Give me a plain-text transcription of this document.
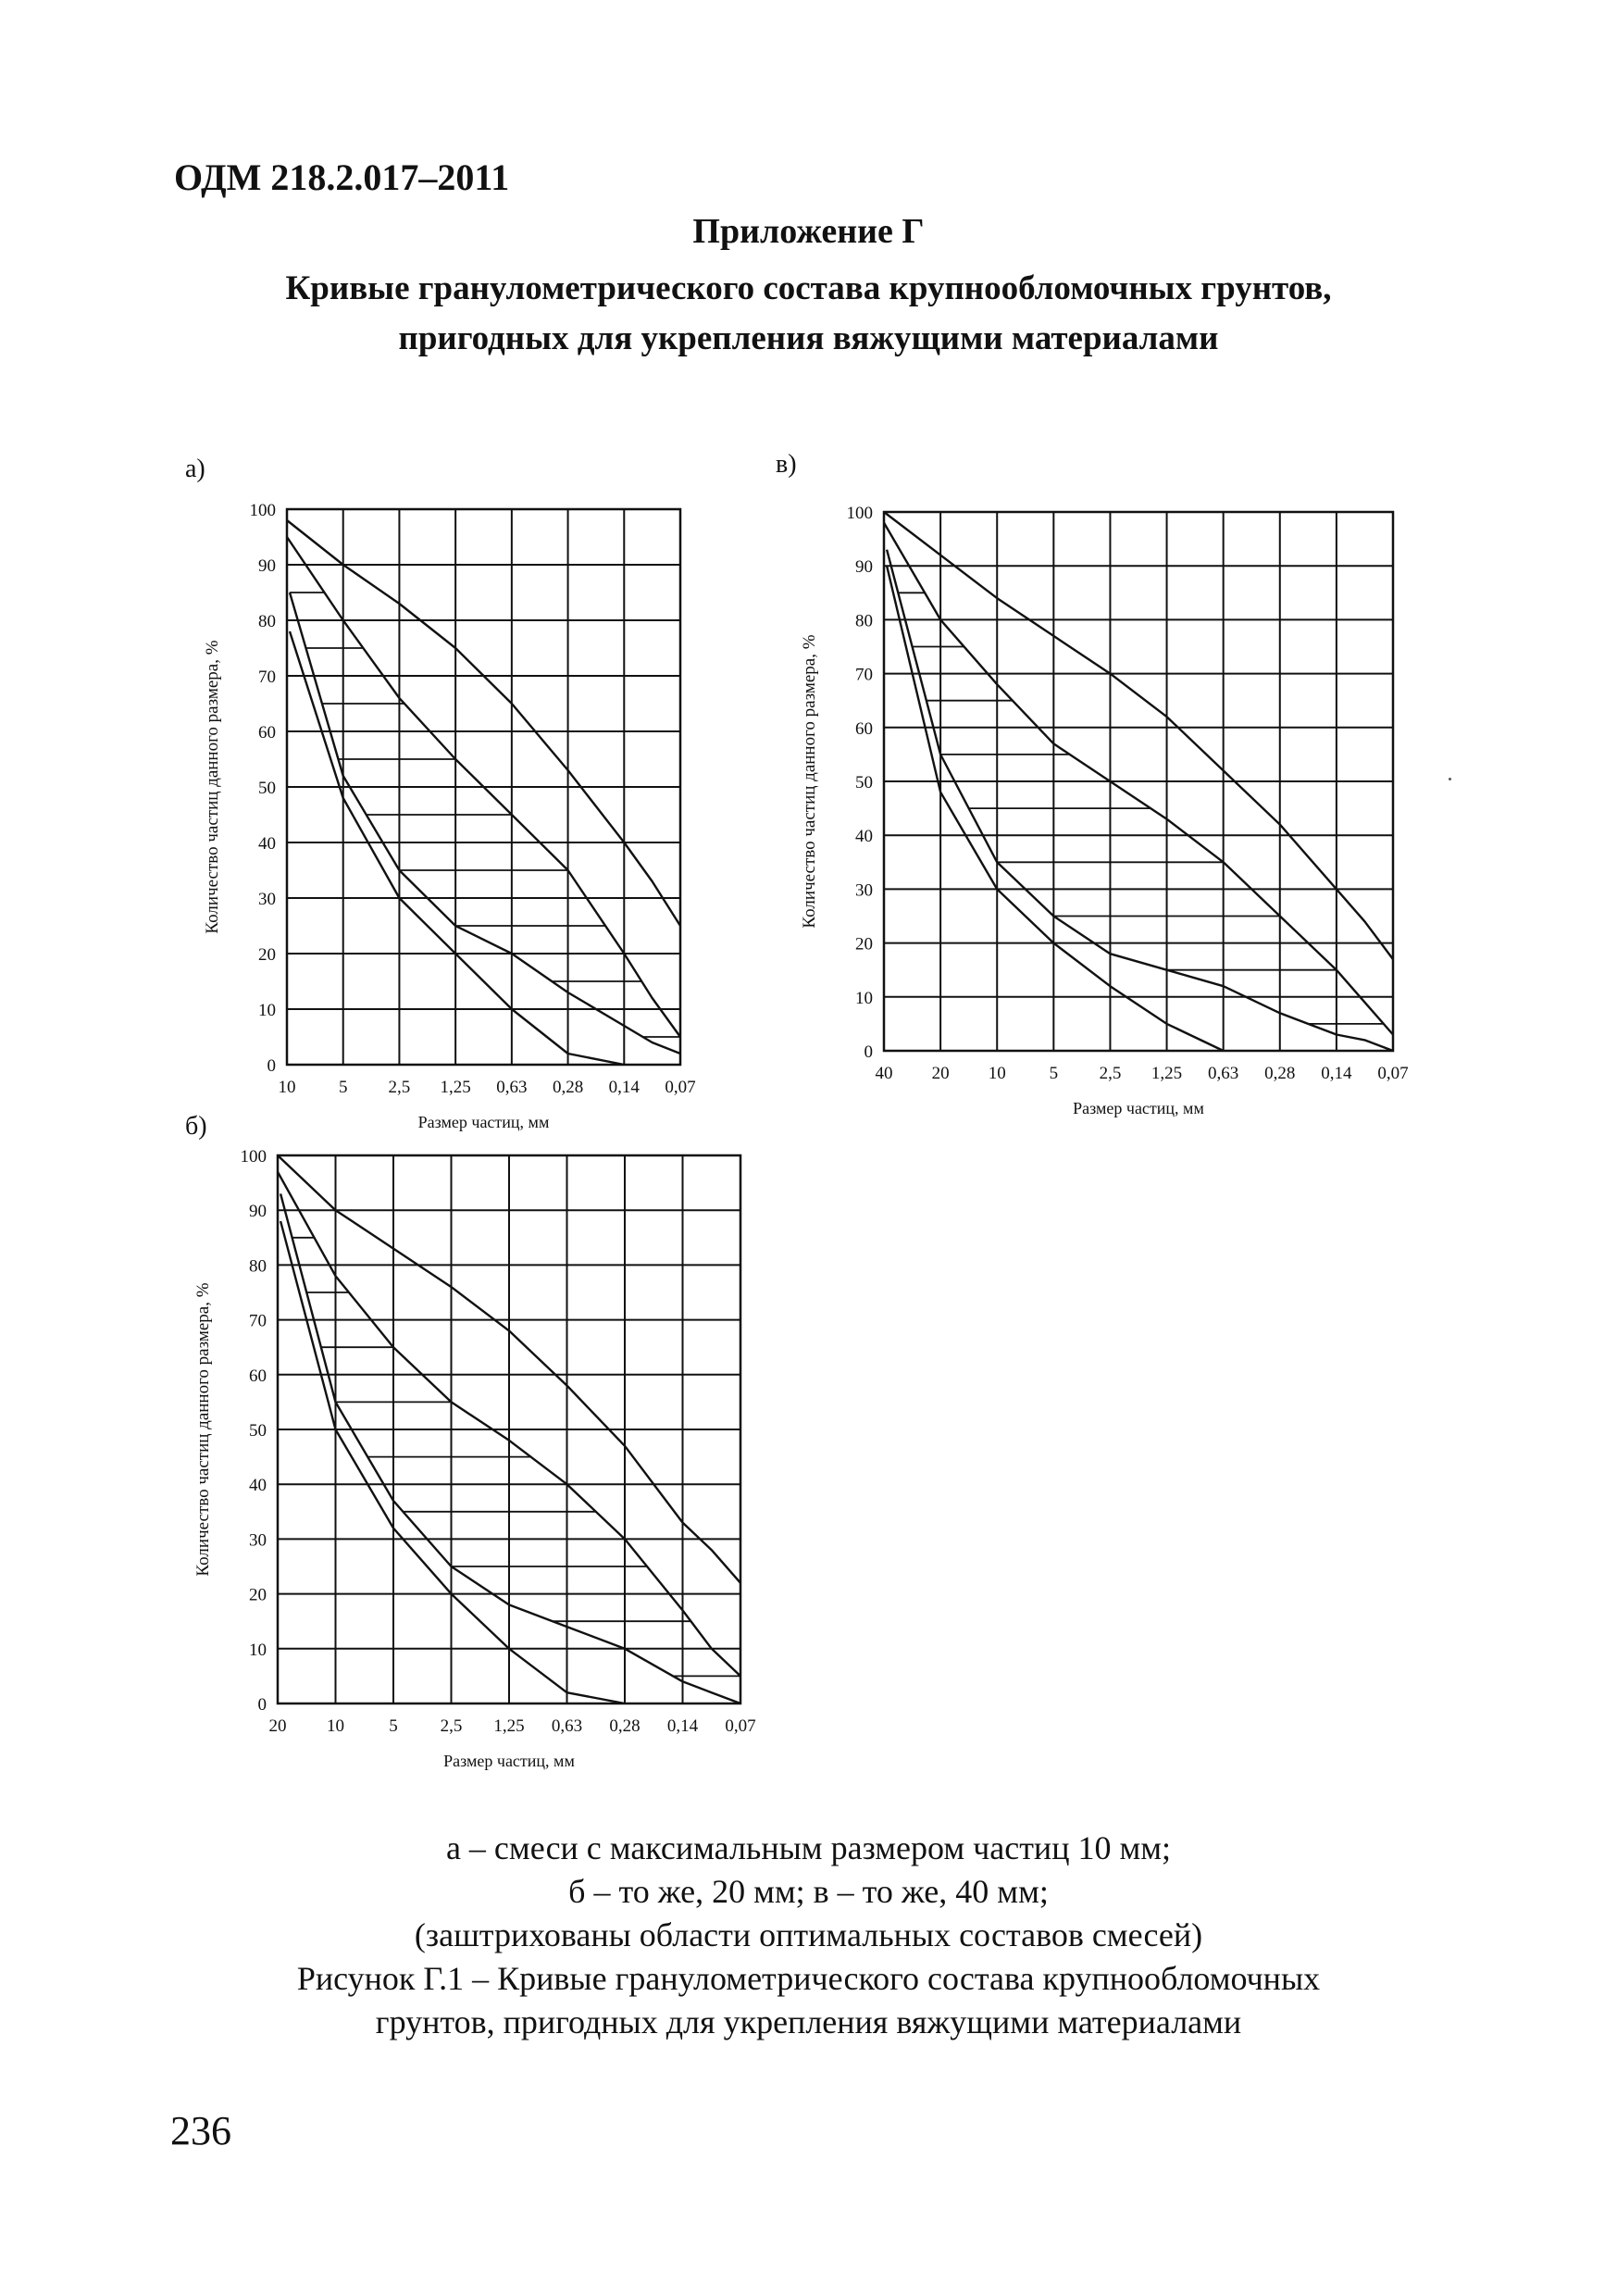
ОДМ 218.2.017–2011
Приложение Г
Кривые гранулометрического состава крупнообломочных грунтов,
пригодных для укрепления вяжущими материалами
а)
0
10
20
30
40
50
60
70
80
90
100
10 5 2,5 1,25 0,63 0,28 0,14 0,07
Размер частиц, мм
Количество частиц данного размера, %
б)
0
10
20
30
40
50
60
70
80
90
100
20 10	5 2,5 1,25 0,63 0,28 0,14 0,07
Размер частиц, мм
Количество частиц данного размера, %
в)
0
10
20
30
40
50
60
70
80
90
100
40 20 10 5 2,5 1,25 0,63 0,28 0,14 0,07
Размер частиц, мм
Количество частиц данного размера, %
а – смеси с максимальным размером частиц 10 мм;
б – то же, 20 мм; в – то же, 40 мм;
(заштрихованы области оптимальных составов смесей)
Рисунок Г.1 – Кривые гранулометрического состава крупнообломочных
грунтов, пригодных для укрепления вяжущими материалами
236
